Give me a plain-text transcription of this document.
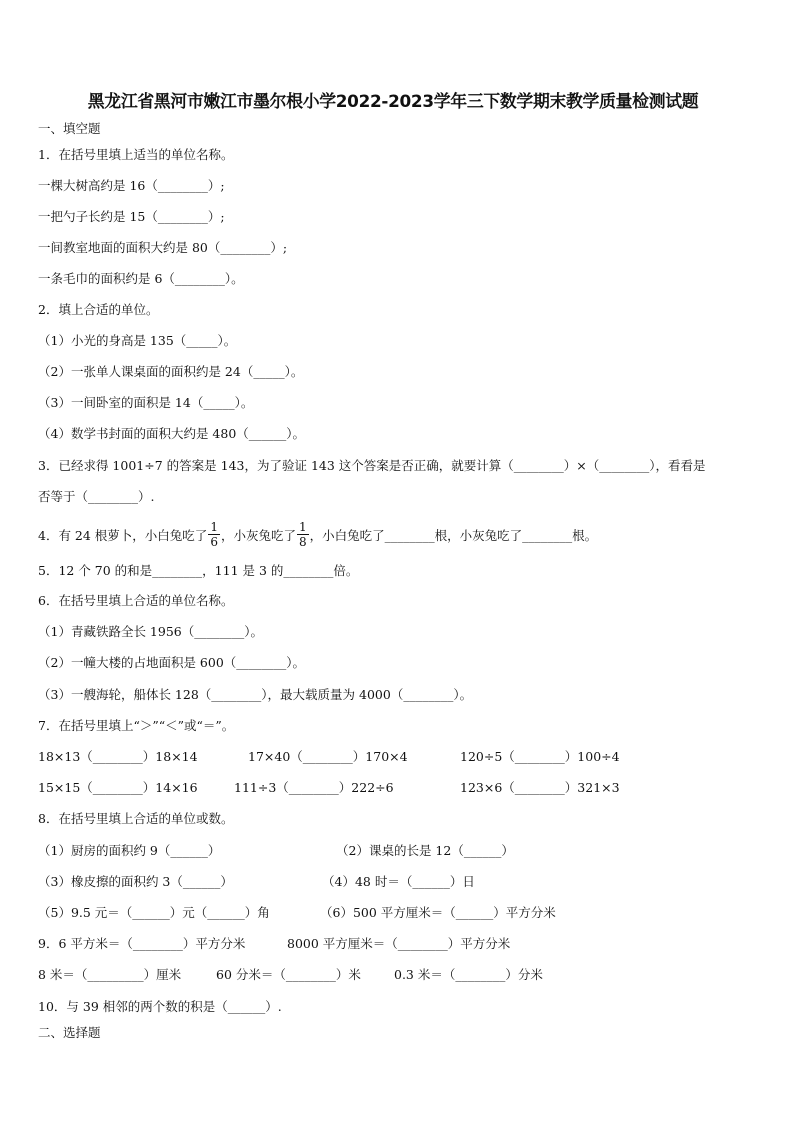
黑龙江省黑河市嫩江市墨尔根小学2022-2023学年三下数学期末教学质量检测试题
一、填空题
1．在括号里填上适当的单位名称。
一棵大树高约是 16（________）;
一把勺子长约是 15（________）;
一间教室地面的面积大约是 80（________）;
一条毛巾的面积约是 6（________）。
2．填上合适的单位。
（1）小光的身高是 135（_____）。
（2）一张单人课桌面的面积约是 24（_____）。
（3）一间卧室的面积是 14（_____）。
（4）数学书封面的面积大约是 480（______）。
3．已经求得 1001÷7 的答案是 143，为了验证 143 这个答案是否正确，就要计算（________）×（________），看看是
否等于（________）.
4．有 24 根萝卜，小白兔吃了 $\frac{1}{6}$ ，小灰兔吃了 $\frac{1}{8}$ ，小白兔吃了________根，小灰兔吃了________根。
5．12 个 70 的和是________，111 是 3 的________倍。
6．在括号里填上合适的单位名称。
（1）青藏铁路全长 1956（________）。
（2）一幢大楼的占地面积是 600（________）。
（3）一艘海轮，船体长 128（________），最大载质量为 4000（________）。
7．在括号里填上“＞”“＜”或“＝”。
18×13（________）18×14	17×40（________）170×4	120÷5（________）100÷4
15×15（________）14×16	111÷3（________）222÷6	123×6（________）321×3
8．在括号里填上合适的单位或数。
（1）厨房的面积约 9（______）	（2）课桌的长是 12（______）
（3）橡皮擦的面积约 3（______）	（4）48 时＝（______）日
（5）9.5 元＝（______）元（______）角	（6）500 平方厘米＝（______）平方分米
9．6 平方米＝（________）平方分米	8000 平方厘米＝（________）平方分米
8 米＝（_________）厘米	60 分米＝（________）米	0.3 米＝（________）分米
10．与 39 相邻的两个数的积是（______）.
二、选择题
